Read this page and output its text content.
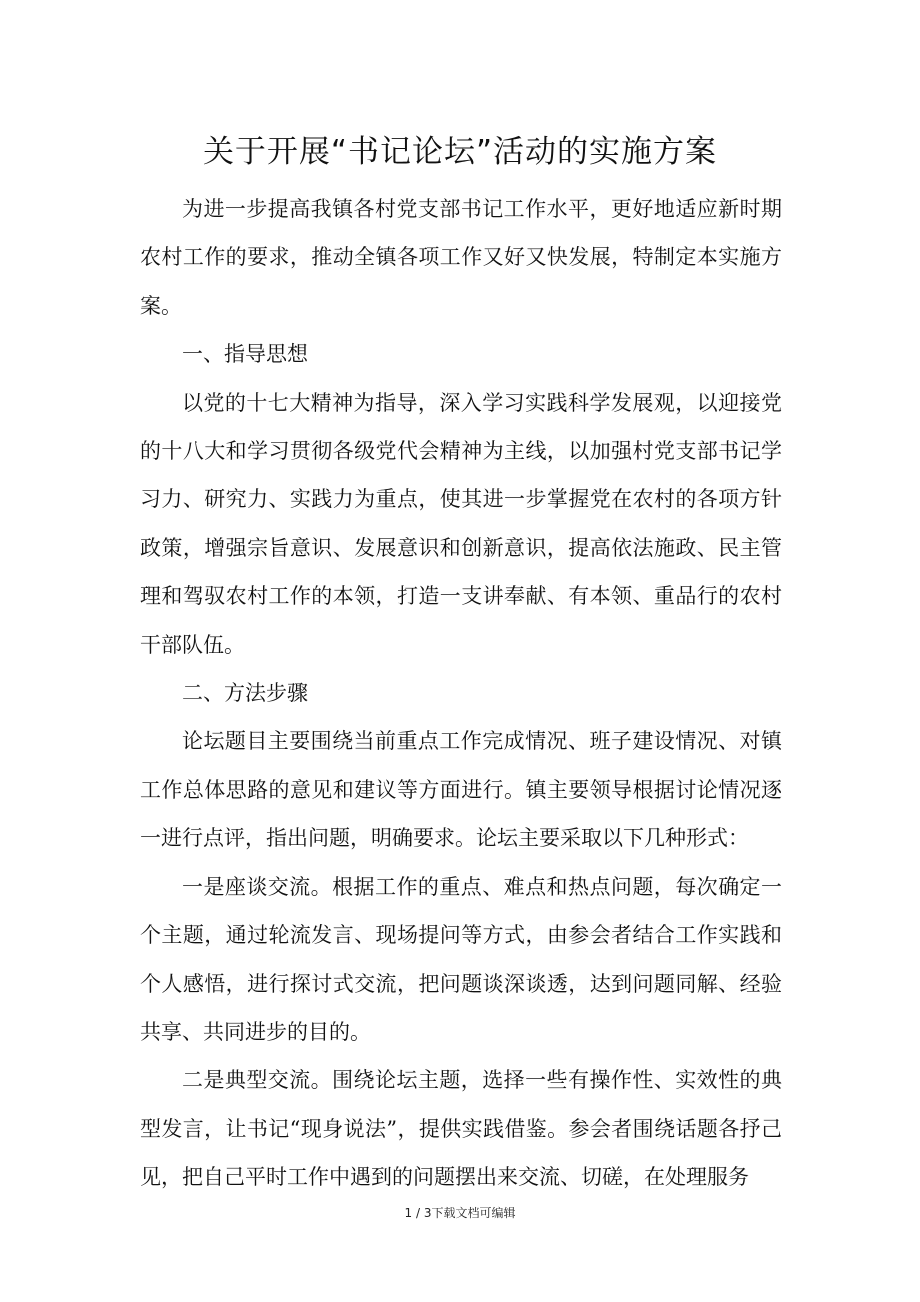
关于开展“书记论坛”活动的实施方案

为进一步提高我镇各村党支部书记工作水平，更好地适应新时期农村工作的要求，推动全镇各项工作又好又快发展，特制定本实施方案。

一、指导思想

以党的十七大精神为指导，深入学习实践科学发展观，以迎接党的十八大和学习贯彻各级党代会精神为主线，以加强村党支部书记学习力、研究力、实践力为重点，使其进一步掌握党在农村的各项方针政策，增强宗旨意识、发展意识和创新意识，提高依法施政、民主管理和驾驭农村工作的本领，打造一支讲奉献、有本领、重品行的农村干部队伍。

二、方法步骤

论坛题目主要围绕当前重点工作完成情况、班子建设情况、对镇工作总体思路的意见和建议等方面进行。镇主要领导根据讨论情况逐一进行点评，指出问题，明确要求。论坛主要采取以下几种形式：

一是座谈交流。根据工作的重点、难点和热点问题，每次确定一个主题，通过轮流发言、现场提问等方式，由参会者结合工作实践和个人感悟，进行探讨式交流，把问题谈深谈透，达到问题同解、经验共享、共同进步的目的。

二是典型交流。围绕论坛主题，选择一些有操作性、实效性的典型发言，让书记“现身说法”，提供实践借鉴。参会者围绕话题各抒己见，把自己平时工作中遇到的问题摆出来交流、切磋，在处理服务

1 / 3下载文档可编辑
